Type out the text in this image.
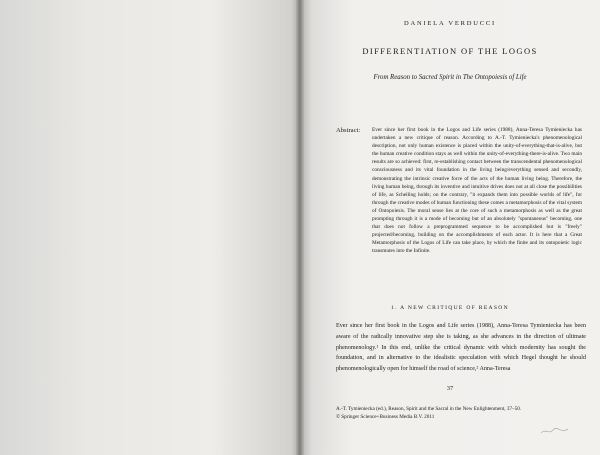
DANIELA VERDUCCI
DIFFERENTIATION OF THE LOGOS
From Reason to Sacred Spirit in The Ontopoiesis of Life
Abstract: Ever since her first book in the Logos and Life series (1988), Anna-Teresa Tymieniecka has undertaken a new critique of reason. According to A.-T. Tymieniecka's phenomenological description, not only human existence is placed within the unity-of-everything-that-is-alive, but the human creative condition stays as well within the unity-of-everything-there-is-alive. Two main results are so achieved: first, re-establishing contact between the transcendental phenomenological consciousness and its vital foundation in the living being/everything sensed and secondly, demonstrating the intrinsic creative force of the acts of the human living being. Therefore, the living human being, through its inventive and intuitive drives does not at all close the possibilities of life, as Schelling holds; on the contrary, "it expands them into possible worlds of life", for through the creative modes of human functioning these comes a metamorphosis of the vital system of Ontopoiesis. The moral sense lies at the core of such a metamorphosis as well as the great prompting through it is a mode of becoming but of an absolutely "spontaneous" becoming, one that does not follow a preprogrammed sequence to be accomplished but is "freely" projected/becoming, building on the accomplishments of each actor. It is here that a Great Metamorphosis of the Logos of Life can take place, by which the finite and its ontopoietic logic transmutes into the Infinite.
1. A NEW CRITIQUE OF REASON
Ever since her first book in the Logos and Life series (1988), Anna-Teresa Tymieniecka has been aware of the radically innovative step she is taking, as she advances in the direction of ultimate phenomenology.¹ In this end, unlike the critical dynamic with which modernity has sought the foundation, and in alternative to the idealistic speculation with which Hegel thought he should phenomenologically open for himself the road of science,² Anna-Teresa
37

A.-T. Tymieniecka (ed.), Reason, Spirit and the Sacral in the New Enlightenment, 37–50.

© Springer Science+Business Media B.V. 2011
